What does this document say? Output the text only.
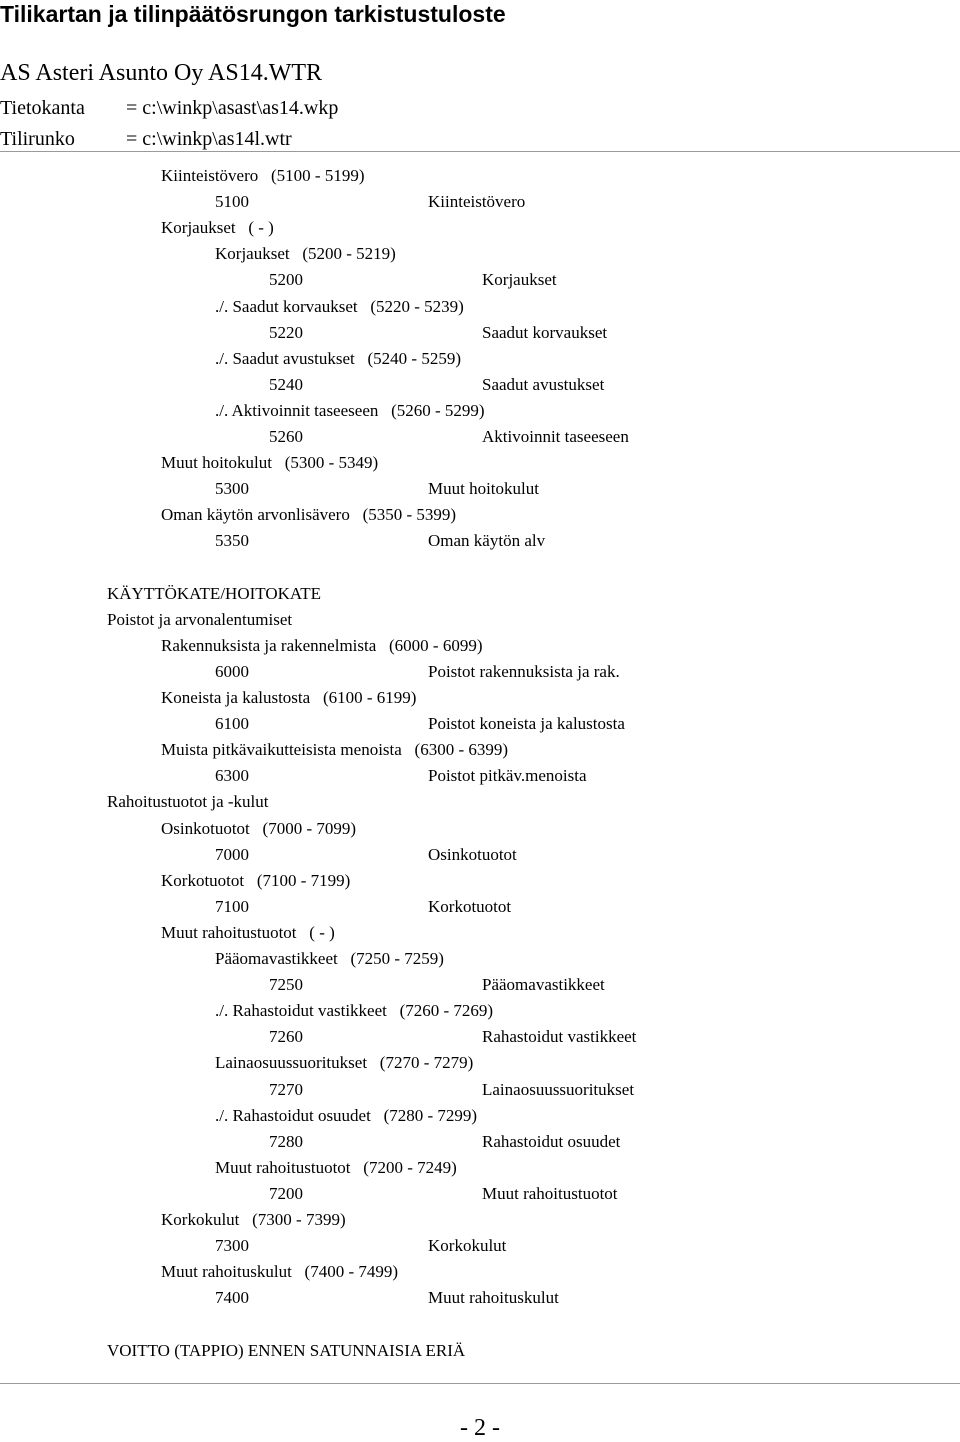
Tilikartan ja tilinpäätösrungon tarkistustuloste
AS Asteri Asunto Oy AS14.WTR
Tietokanta = c:\winkp\asast\as14.wkp
Tilirunko	= c:\winkp\as14l.wtr
Kiinteistövero   (5100 - 5199)
5100	Kiinteistövero
Korjaukset   ( - )
Korjaukset   (5200 - 5219)
5200	Korjaukset
./. Saadut korvaukset   (5220 - 5239)
5220	Saadut korvaukset
./. Saadut avustukset   (5240 - 5259)
5240	Saadut avustukset
./. Aktivoinnit taseeseen   (5260 - 5299)
5260	Aktivoinnit taseeseen
Muut hoitokulut   (5300 - 5349)
5300	Muut hoitokulut
Oman käytön arvonlisävero   (5350 - 5399)
5350	Oman käytön alv
KÄYTTÖKATE/HOITOKATE
Poistot ja arvonalentumiset
Rakennuksista ja rakennelmista   (6000 - 6099)
6000	Poistot rakennuksista ja rak.
Koneista ja kalustosta   (6100 - 6199)
6100	Poistot koneista ja kalustosta
Muista pitkävaikutteisista menoista   (6300 - 6399)
6300	Poistot pitkäv.menoista
Rahoitustuotot ja -kulut
Osinkotuotot   (7000 - 7099)
7000	Osinkotuotot
Korkotuotot   (7100 - 7199)
7100	Korkotuotot
Muut rahoitustuotot   ( - )
Pääomavastikkeet   (7250 - 7259)
7250	Pääomavastikkeet
./. Rahastoidut vastikkeet   (7260 - 7269)
7260	Rahastoidut vastikkeet
Lainaosuussuoritukset   (7270 - 7279)
7270	Lainaosuussuoritukset
./. Rahastoidut osuudet   (7280 - 7299)
7280	Rahastoidut osuudet
Muut rahoitustuotot   (7200 - 7249)
7200	Muut rahoitustuotot
Korkokulut   (7300 - 7399)
7300	Korkokulut
Muut rahoituskulut   (7400 - 7499)
7400	Muut rahoituskulut
VOITTO (TAPPIO) ENNEN SATUNNAISIA ERIÄ
- 2 -
